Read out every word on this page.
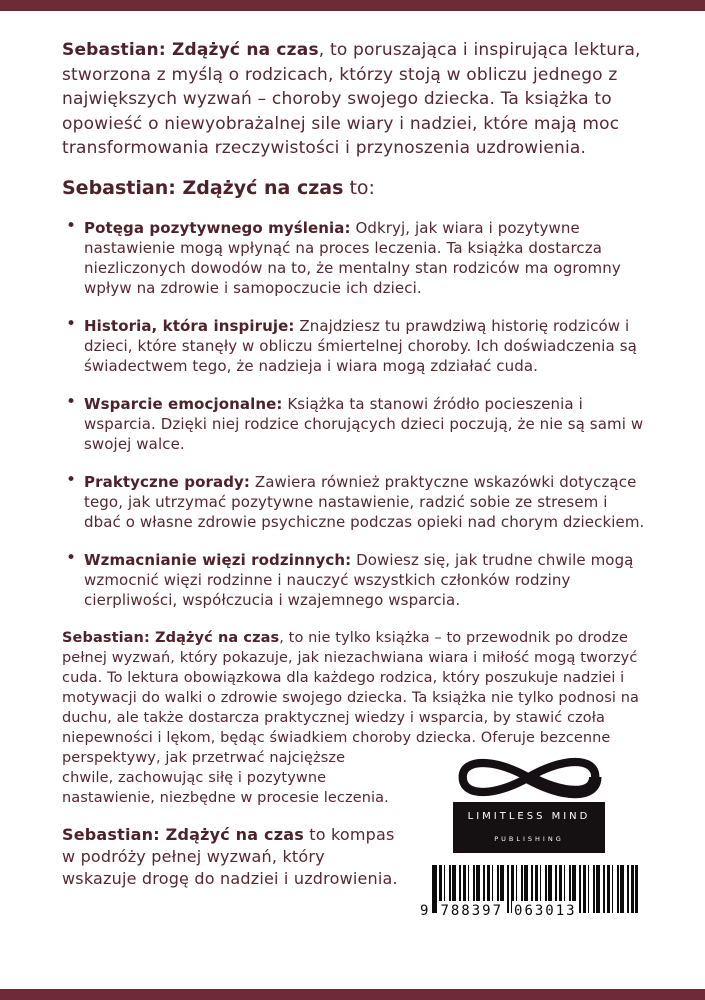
Sebastian: Zdążyć na czas, to poruszająca i inspirująca lektura, stworzona z myślą o rodzicach, którzy stoją w obliczu jednego z największych wyzwań – choroby swojego dziecka. Ta książka to opowieść o niewyobrażalnej sile wiary i nadziei, które mają moc transformowania rzeczywistości i przynoszenia uzdrowienia.

Sebastian: Zdążyć na czas to:

• Potęga pozytywnego myślenia: Odkryj, jak wiara i pozytywne nastawienie mogą wpłynąć na proces leczenia. Ta książka dostarcza niezliczonych dowodów na to, że mentalny stan rodziców ma ogromny wpływ na zdrowie i samopoczucie ich dzieci.
• Historia, która inspiruje: Znajdziesz tu prawdziwą historię rodziców i dzieci, które stanęły w obliczu śmiertelnej choroby. Ich doświadczenia są świadectwem tego, że nadzieja i wiara mogą zdziałać cuda.
• Wsparcie emocjonalne: Książka ta stanowi źródło pocieszenia i wsparcia. Dzięki niej rodzice chorujących dzieci poczują, że nie są sami w swojej walce.
• Praktyczne porady: Zawiera również praktyczne wskazówki dotyczące tego, jak utrzymać pozytywne nastawienie, radzić sobie ze stresem i dbać o własne zdrowie psychiczne podczas opieki nad chorym dzieckiem.
• Wzmacnianie więzi rodzinnych: Dowiesz się, jak trudne chwile mogą wzmocnić więzi rodzinne i nauczyć wszystkich członków rodziny cierpliwości, współczucia i wzajemnego wsparcia.

Sebastian: Zdążyć na czas, to nie tylko książka – to przewodnik po drodze pełnej wyzwań, który pokazuje, jak niezachwiana wiara i miłość mogą tworzyć cuda. To lektura obowiązkowa dla każdego rodzica, który poszukuje nadziei i motywacji do walki o zdrowie swojego dziecka. Ta książka nie tylko podnosi na duchu, ale także dostarcza praktycznej wiedzy i wsparcia, by stawić czoła niepewności i lękom, będąc świadkiem choroby dziecka. Oferuje bezcenne perspektywy, jak przetrwać najcięższe
LIMITLESS MIND
PUBLISHING
9 788397 063013
chwile, zachowując siłę i pozytywne nastawienie, niezbędne w procesie leczenia.

Sebastian: Zdążyć na czas to kompas w podróży pełnej wyzwań, który wskazuje drogę do nadziei i uzdrowienia.
